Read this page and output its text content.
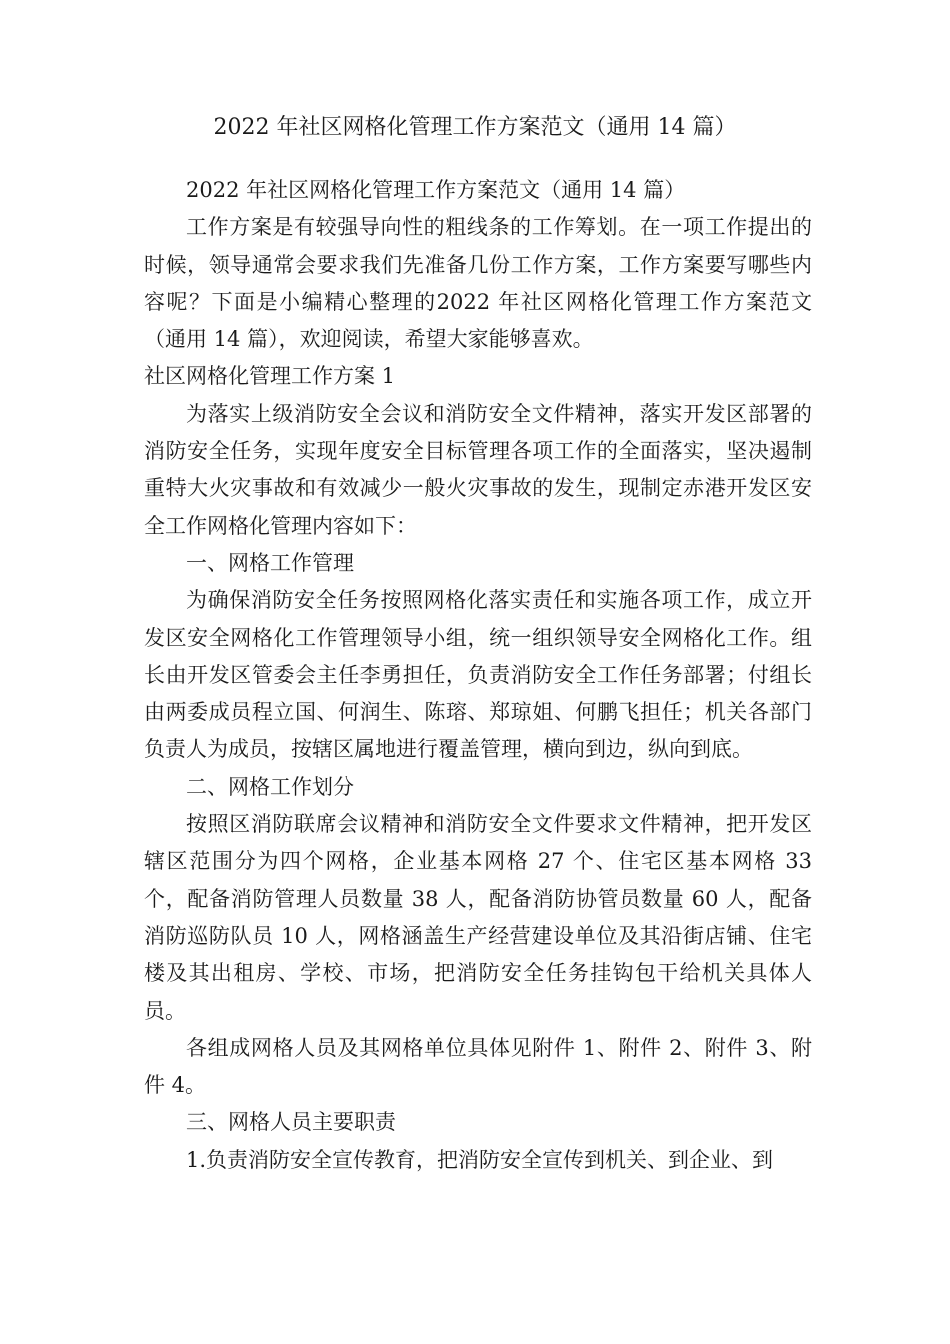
2022 年社区网格化管理工作方案范文（通用 14 篇）

2022 年社区网格化管理工作方案范文（通用 14 篇）

工作方案是有较强导向性的粗线条的工作筹划。在一项工作提出的时候，领导通常会要求我们先准备几份工作方案，工作方案要写哪些内容呢？下面是小编精心整理的2022 年社区网格化管理工作方案范文（通用 14 篇），欢迎阅读，希望大家能够喜欢。

社区网格化管理工作方案 1

为落实上级消防安全会议和消防安全文件精神，落实开发区部署的消防安全任务，实现年度安全目标管理各项工作的全面落实，坚决遏制重特大火灾事故和有效减少一般火灾事故的发生，现制定赤港开发区安全工作网格化管理内容如下：

一、网格工作管理

为确保消防安全任务按照网格化落实责任和实施各项工作，成立开发区安全网格化工作管理领导小组，统一组织领导安全网格化工作。组长由开发区管委会主任李勇担任，负责消防安全工作任务部署；付组长由两委成员程立国、何润生、陈瑢、郑琼姐、何鹏飞担任；机关各部门负责人为成员，按辖区属地进行覆盖管理，横向到边，纵向到底。

二、网格工作划分

按照区消防联席会议精神和消防安全文件要求文件精神，把开发区辖区范围分为四个网格，企业基本网格 27 个、住宅区基本网格 33 个，配备消防管理人员数量 38 人，配备消防协管员数量 60 人，配备消防巡防队员 10 人，网格涵盖生产经营建设单位及其沿街店铺、住宅楼及其出租房、学校、市场，把消防安全任务挂钩包干给机关具体人员。

各组成网格人员及其网格单位具体见附件 1、附件 2、附件 3、附件 4。

三、网格人员主要职责

1.负责消防安全宣传教育，把消防安全宣传到机关、到企业、到
